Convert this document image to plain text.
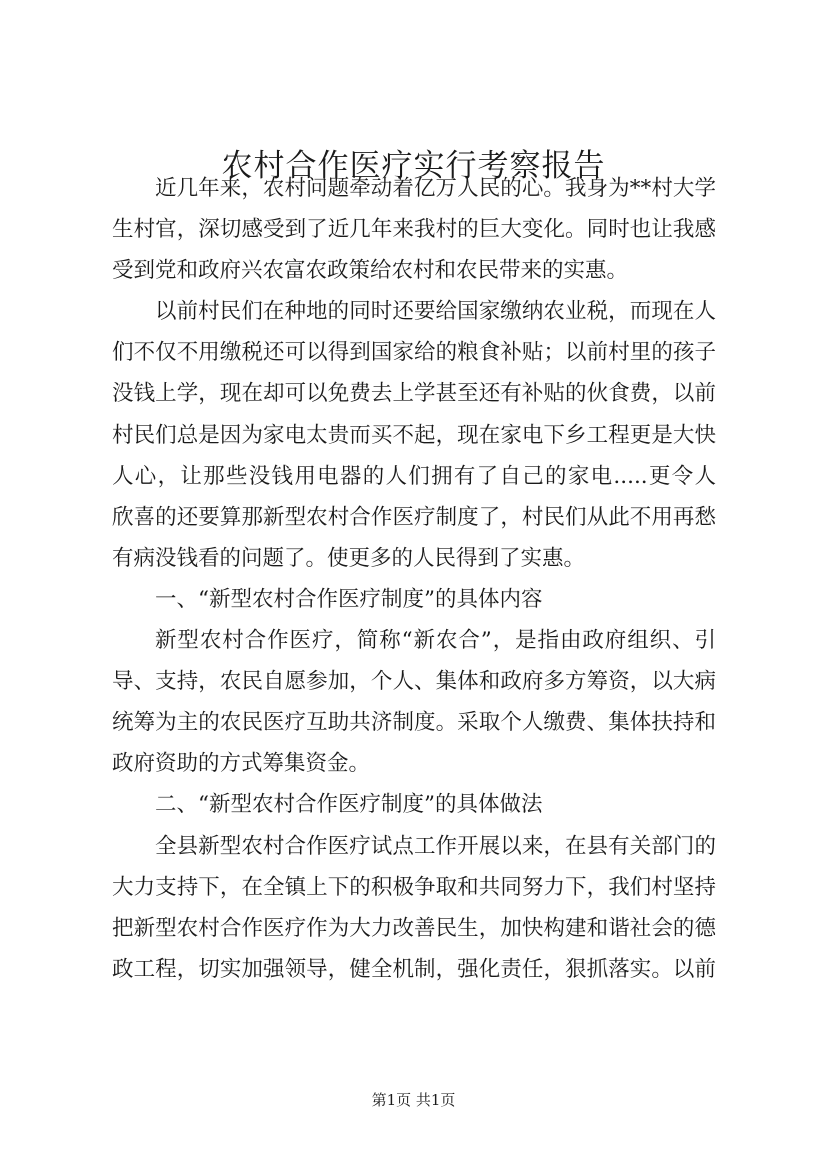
农村合作医疗实行考察报告
近几年来，农村问题牵动着亿万人民的心。我身为**村大学
生村官，深切感受到了近几年来我村的巨大变化。同时也让我感
受到党和政府兴农富农政策给农村和农民带来的实惠。
以前村民们在种地的同时还要给国家缴纳农业税，而现在人
们不仅不用缴税还可以得到国家给的粮食补贴；以前村里的孩子
没钱上学，现在却可以免费去上学甚至还有补贴的伙食费，以前
村民们总是因为家电太贵而买不起，现在家电下乡工程更是大快
人心，让那些没钱用电器的人们拥有了自己的家电.....更令人
欣喜的还要算那新型农村合作医疗制度了，村民们从此不用再愁
有病没钱看的问题了。使更多的人民得到了实惠。
一、“新型农村合作医疗制度”的具体内容
新型农村合作医疗，简称“新农合”，是指由政府组织、引
导、支持，农民自愿参加，个人、集体和政府多方筹资，以大病
统筹为主的农民医疗互助共济制度。采取个人缴费、集体扶持和
政府资助的方式筹集资金。
二、“新型农村合作医疗制度”的具体做法
全县新型农村合作医疗试点工作开展以来，在县有关部门的
大力支持下，在全镇上下的积极争取和共同努力下，我们村坚持
把新型农村合作医疗作为大力改善民生，加快构建和谐社会的德
政工程，切实加强领导，健全机制，强化责任，狠抓落实。以前
第1页 共1页
